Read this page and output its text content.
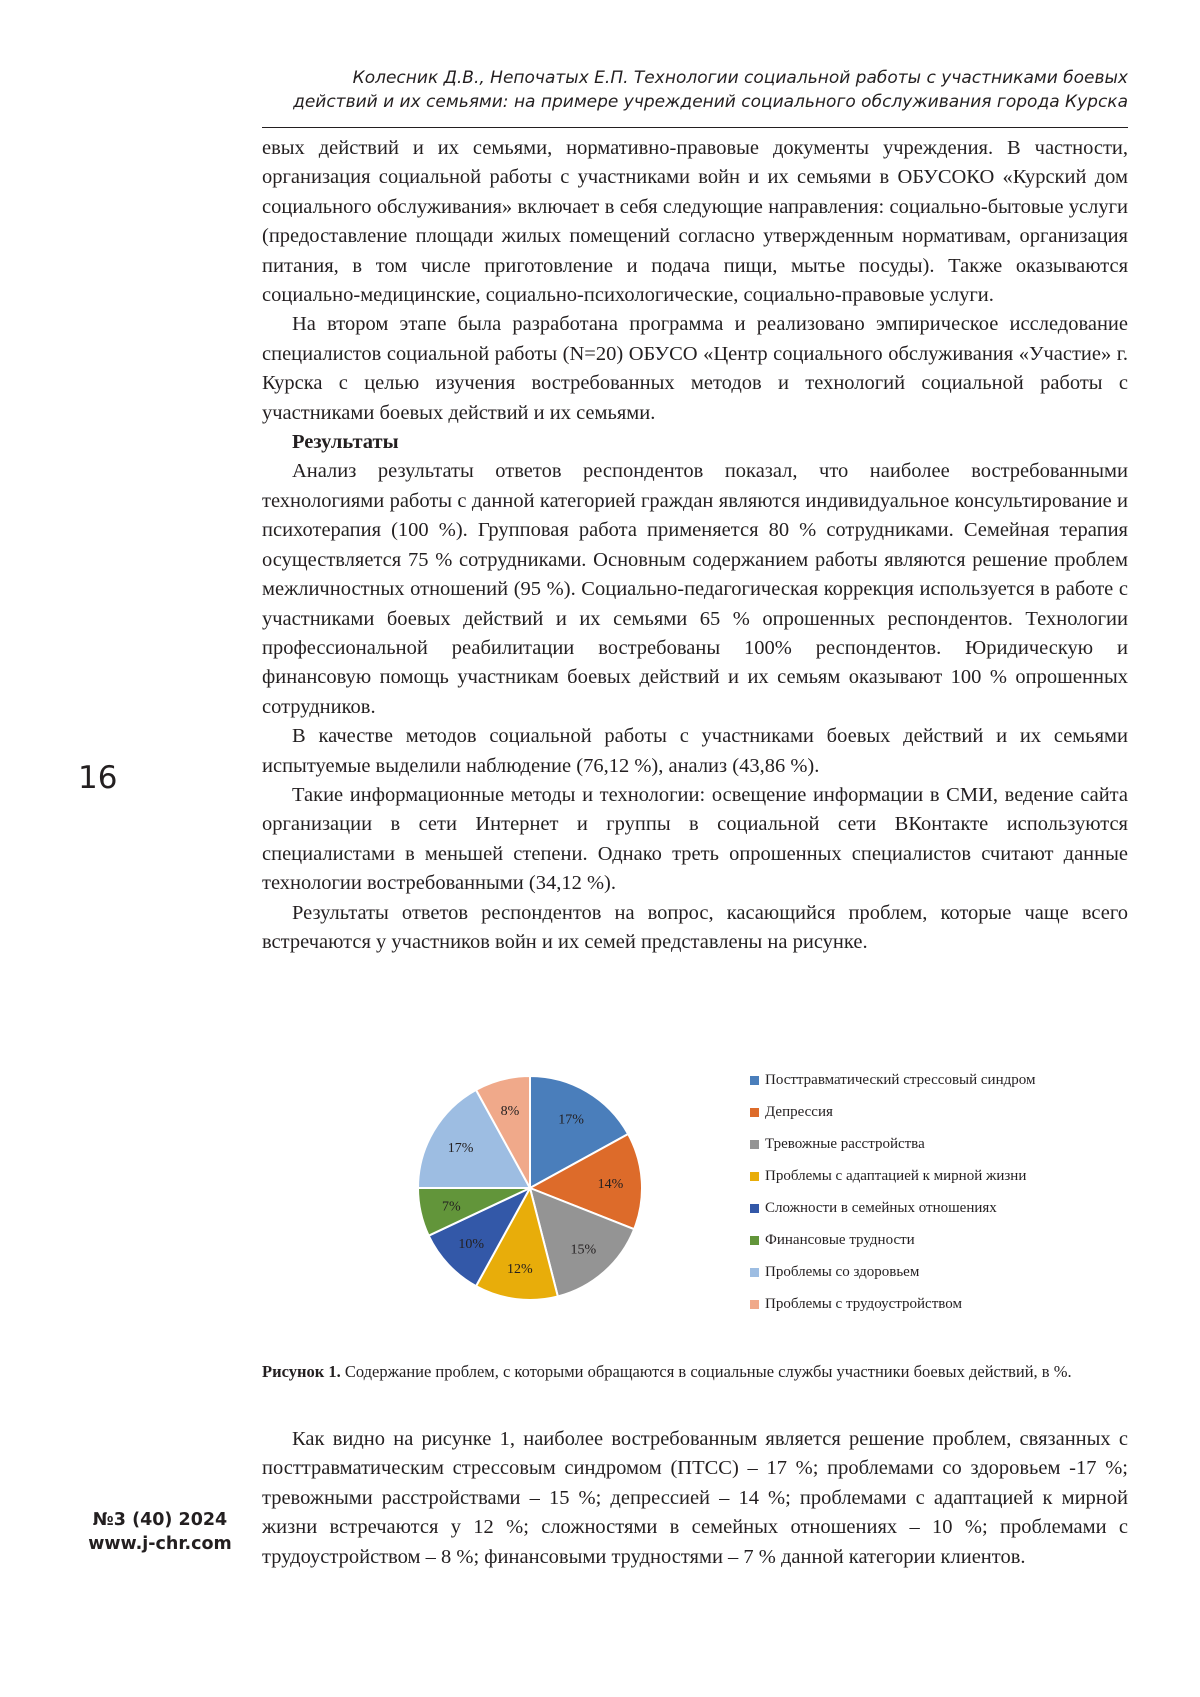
Колесник Д.В., Непочатых Е.П. Технологии социальной работы с участниками боевых
действий и их семьями: на примере учреждений социального обслуживания города Курска

евых действий и их семьями, нормативно-правовые документы учреждения. В частности, организация социальной работы с участниками войн и их семьями в ОБУСОКО «Курский дом социального обслуживания» включает в себя следующие направления: социально-бытовые услуги (предоставление площади жилых помещений согласно утвержденным нормативам, организация питания, в том числе приготовление и подача пищи, мытье посуды). Также оказываются социально-медицинские, социально-психологические, социально-правовые услуги.

На втором этапе была разработана программа и реализовано эмпирическое исследование специалистов социальной работы (N=20) ОБУСО «Центр социального обслуживания «Участие» г. Курска с целью изучения востребованных методов и технологий социальной работы с участниками боевых действий и их семьями.

Результаты

Анализ результаты ответов респондентов показал, что наиболее востребованными технологиями работы с данной категорией граждан являются индивидуальное консультирование и психотерапия (100 %). Групповая работа применяется 80 % сотрудниками. Семейная терапия осуществляется 75 % сотрудниками. Основным содержанием работы являются решение проблем межличностных отношений (95 %). Социально-педагогическая коррекция используется в работе с участниками боевых действий и их семьями 65 % опрошенных респондентов. Технологии профессиональной реабилитации востребованы 100% респондентов. Юридическую и финансовую помощь участникам боевых действий и их семьям оказывают 100 % опрошенных сотрудников.

В качестве методов социальной работы с участниками боевых действий и их семьями испытуемые выделили наблюдение (76,12 %), анализ (43,86 %).

Такие информационные методы и технологии: освещение информации в СМИ, ведение сайта организации в сети Интернет и группы в социальной сети ВКонтакте используются специалистами в меньшей степени. Однако треть опрошенных специалистов считают данные технологии востребованными (34,12 %).

Результаты ответов респондентов на вопрос, касающийся проблем, которые чаще всего встречаются у участников войн и их семей представлены на рисунке.

16
17%
14%
15%
12%
10%
7%
17%
8%
Посттравматический стрессовый синдром
Депрессия
Тревожные расстройства
Проблемы с адаптацией к мирной жизни
Сложности в семейных отношениях
Финансовые трудности
Проблемы со здоровьем
Проблемы с трудоустройством
Рисунок 1. Содержание проблем, с которыми обращаются в социальные службы участники боевых действий, в %.

Как видно на рисунке 1, наиболее востребованным является решение проблем, связанных с посттравматическим стрессовым синдромом (ПТСС) – 17 %; проблемами со здоровьем -17 %; тревожными расстройствами – 15 %; депрессией – 14 %; проблемами с адаптацией к мирной жизни встречаются у 12 %; сложностями в семейных отношениях – 10 %; проблемами с трудоустройством – 8 %; финансовыми трудностями – 7 % данной категории клиентов.

№3 (40) 2024
www.j-chr.com
